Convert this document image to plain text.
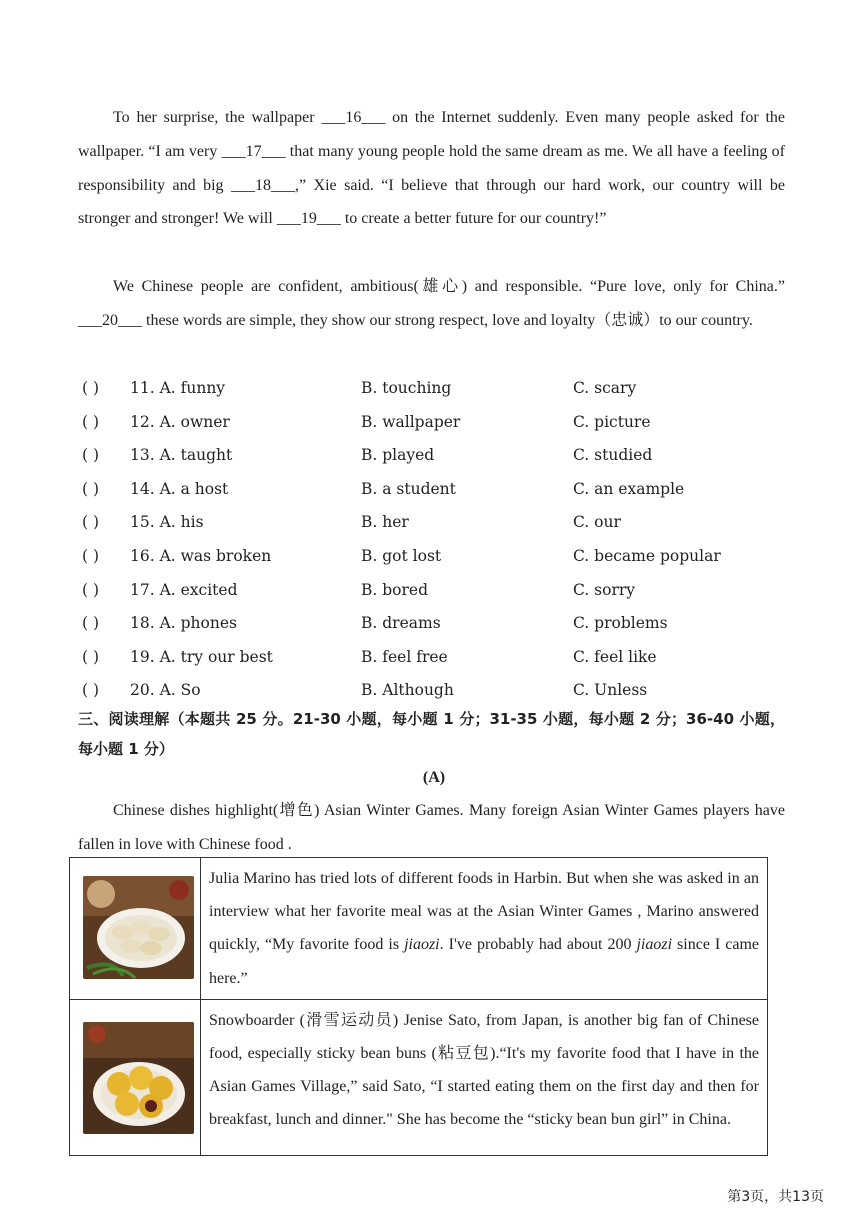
To her surprise, the wallpaper ___16___ on the Internet suddenly. Even many people asked for the wallpaper. “I am very ___17___ that many young people hold the same dream as me. We all have a feeling of responsibility and big ___18___,” Xie said. “I believe that through our hard work, our country will be stronger and stronger! We will ___19___ to create a better future for our country!”

We Chinese people are confident, ambitious(雄心) and responsible. “Pure love, only for China.” ___20___ these words are simple, they show our strong respect, love and loyalty（忠诚）to our country.

( ) 11. A. funny	B. touching	C. scary
( ) 12. A. owner	B. wallpaper	C. picture
( ) 13. A. taught	B. played	C. studied
( ) 14. A. a host	B. a student	C. an example
( ) 15. A. his	B. her	C. our
( ) 16. A. was broken	B. got lost	C. became popular
( ) 17. A. excited	B. bored	C. sorry
( ) 18. A. phones	B. dreams	C. problems
( ) 19. A. try our best	B. feel free	C. feel like
( ) 20. A. So	B. Although	C. Unless

三、阅读理解（本题共 25 分。21-30 小题，每小题 1 分；31-35 小题，每小题 2 分；36-40 小题，每小题 1 分）

(A)

Chinese dishes highlight(增色) Asian Winter Games. Many foreign Asian Winter Games players have fallen in love with Chinese food .

	Julia Marino has tried lots of different foods in Harbin. But when she was asked in an interview what her favorite meal was at the Asian Winter Games , Marino answered quickly, “My favorite food is jiaozi. I've probably had about 200 jiaozi since I came here.”
	Snowboarder (滑雪运动员) Jenise Sato, from Japan, is another big fan of Chinese food, especially sticky bean buns (粘豆包).“It's my favorite food that I have in the Asian Games Village,” said Sato, “I started eating them on the first day and then for breakfast, lunch and dinner." She has become the “sticky bean bun girl” in China.
第3页，共13页
